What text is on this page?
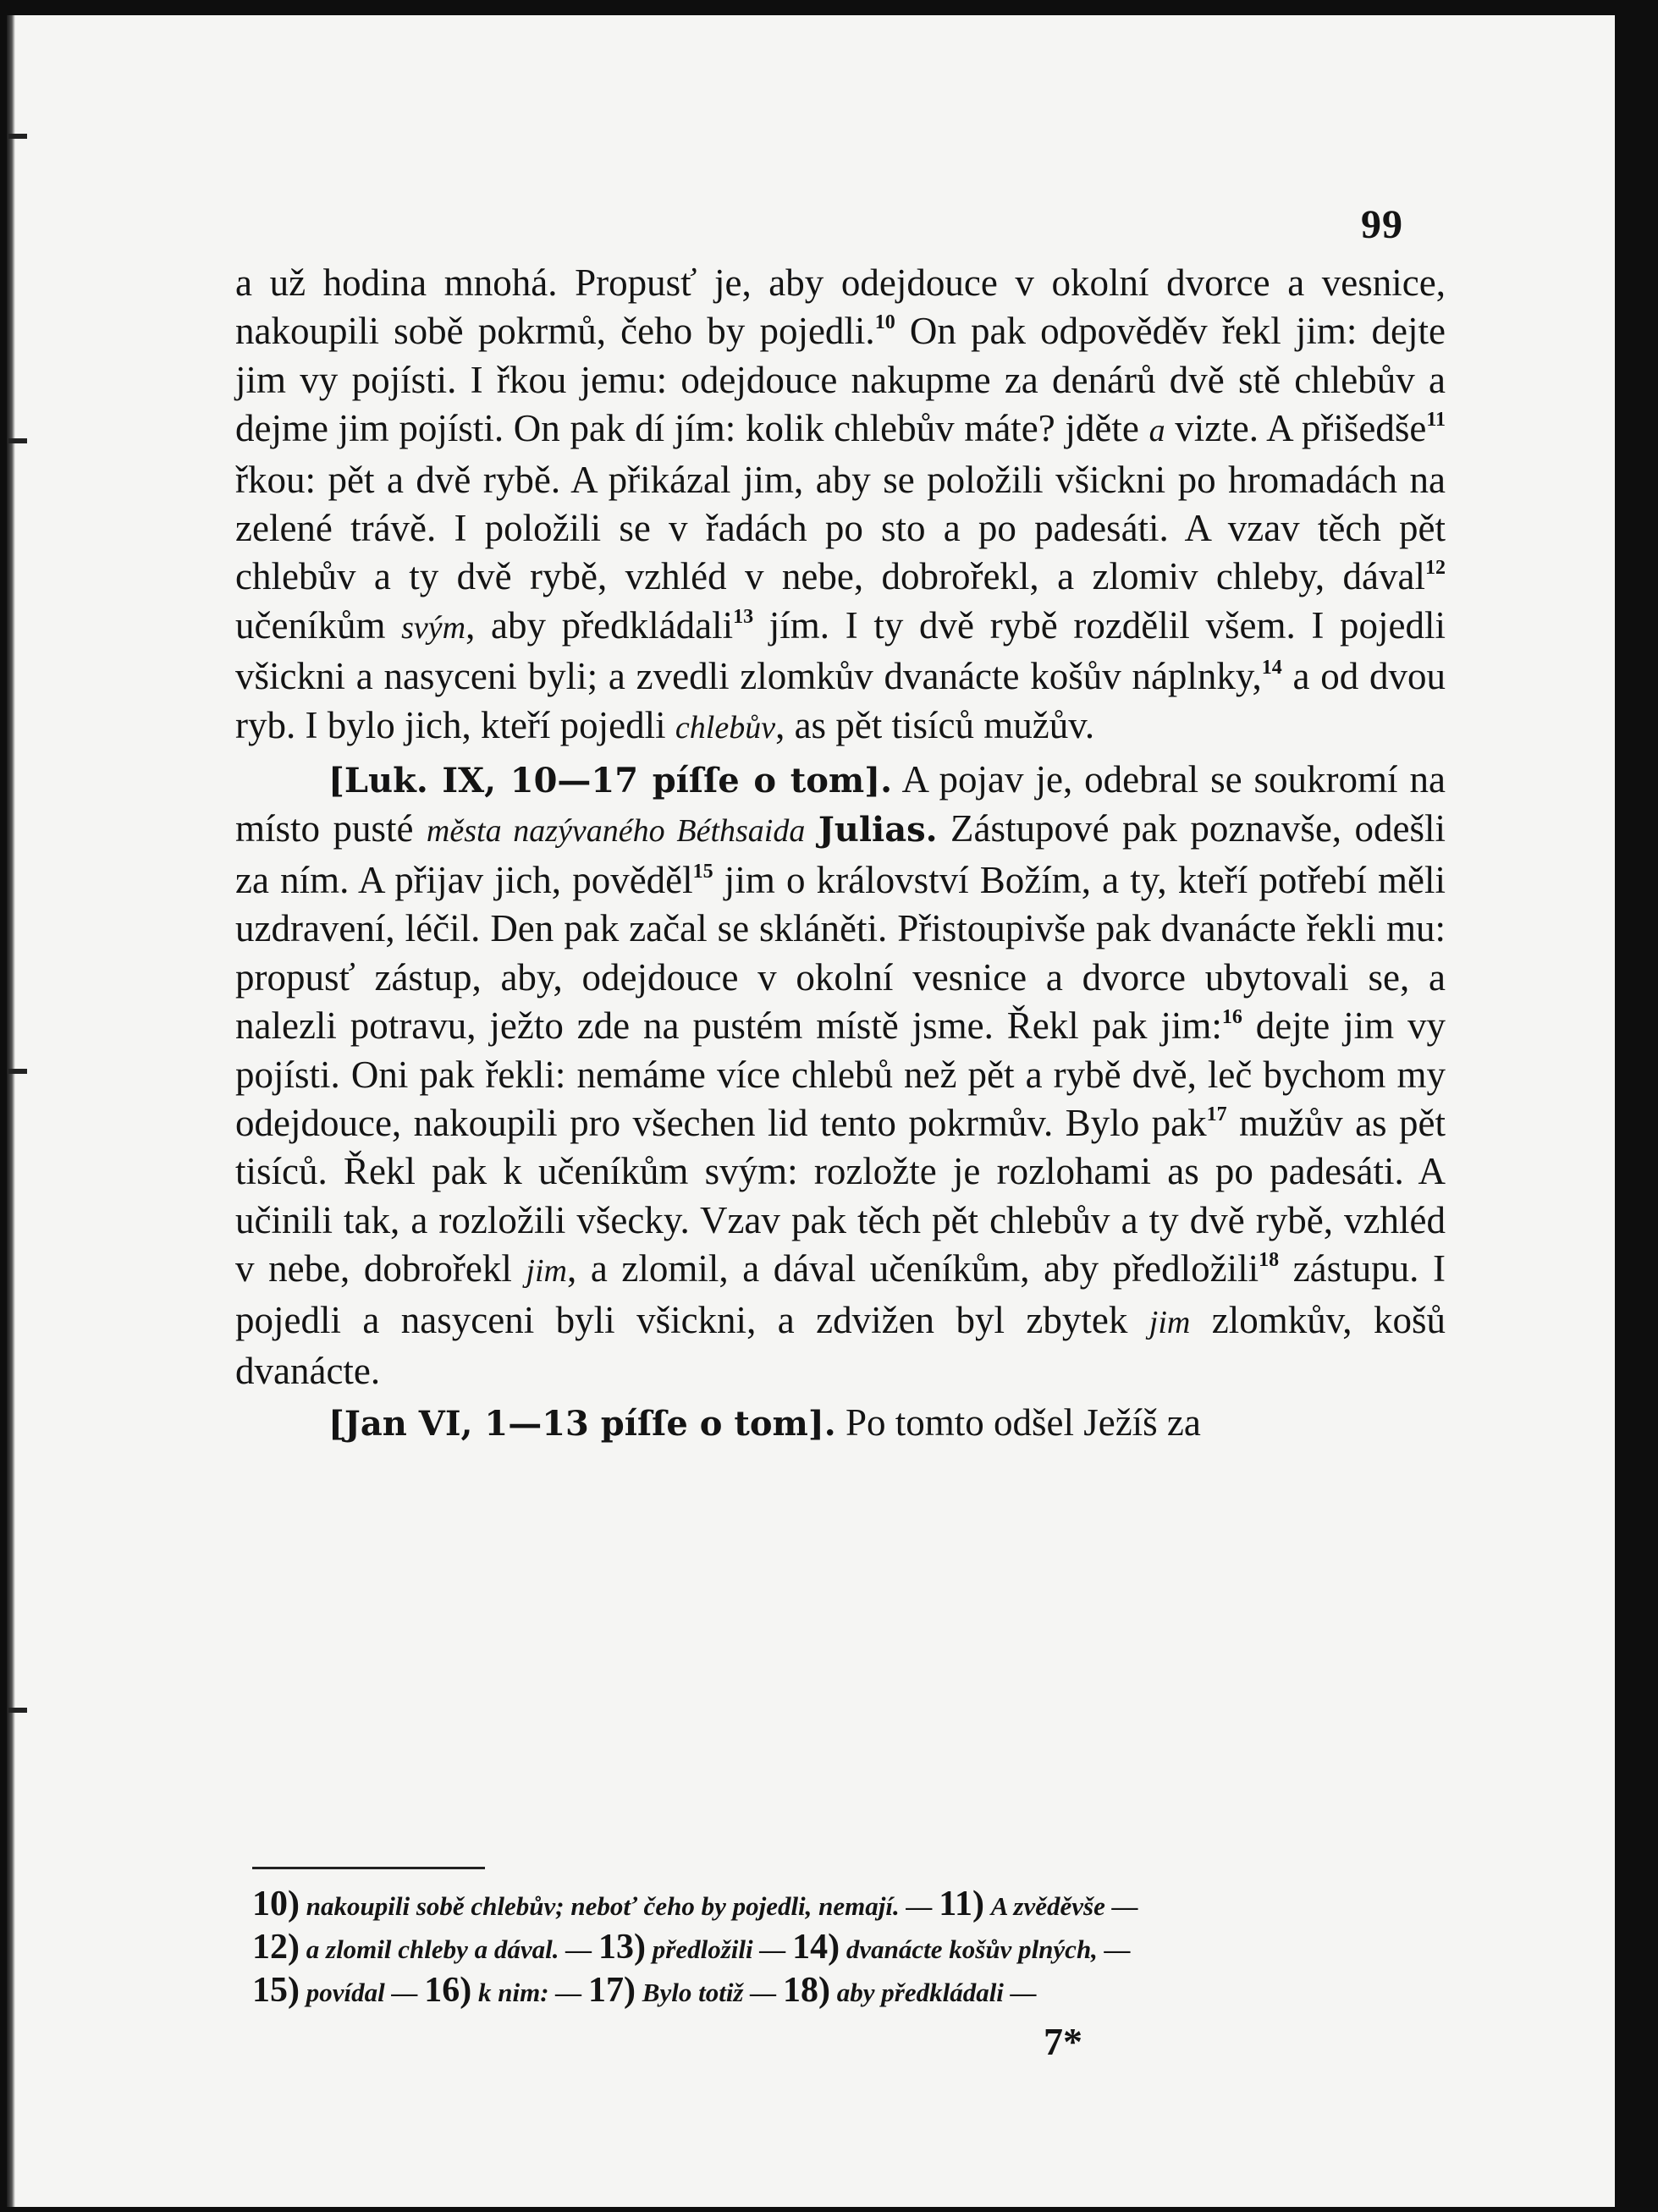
99

a už hodina mnohá. Propusť je, aby odejdouce v okolní dvorce a vesnice, nakoupili sobě pokrmů, čeho by pojedli.$^{10}$ On pak odpověděv řekl jim: dejte jim vy pojísti. I řkou jemu: odejdouce nakupme za denárů dvě stě chlebův a dejme jim pojísti. On pak dí jím: kolik chlebův máte? jděte a vizte. A přišedše$^{11}$ řkou: pět a dvě rybě. A přikázal jim, aby se položili všickni po hromadách na zelené trávě. I položili se v řadách po sto a po padesáti. A vzav těch pět chlebův a ty dvě rybě, vzhléd v nebe, dobrořekl, a zlomiv chleby, dával$^{12}$ učeníkům svým, aby předkládali$^{13}$ jím. I ty dvě rybě rozdělil všem. I pojedli všickni a nasyceni byli; a zvedli zlomkův dvanácte košův náplnky,$^{14}$ a od dvou ryb. I bylo jich, kteří pojedli chlebův, as pět tisíců mužův.

[Luk. IX, 10—17 píſſe o tom]. A pojav je, odebral se soukromí na místo pusté města nazývaného Béthsaida Julias. Zástupové pak poznavše, odešli za ním. A přijav jich, pověděl$^{15}$ jim o království Božím, a ty, kteří potřebí měli uzdravení, léčil. Den pak začal se skláněti. Přistoupivše pak dvanácte řekli mu: propusť zástup, aby, odejdouce v okolní vesnice a dvorce ubytovali se, a nalezli potravu, ježto zde na pustém místě jsme. Řekl pak jim:$^{16}$ dejte jim vy pojísti. Oni pak řekli: nemáme více chlebů než pět a rybě dvě, leč bychom my odejdouce, nakoupili pro všechen lid tento pokrmův. Bylo pak$^{17}$ mužův as pět tisíců. Řekl pak k učeníkům svým: rozložte je rozlohami as po padesáti. A učinili tak, a rozložili všecky. Vzav pak těch pět chlebův a ty dvě rybě, vzhléd v nebe, dobrořekl jim, a zlomil, a dával učeníkům, aby předložili$^{18}$ zástupu. I pojedli a nasyceni byli všickni, a zdvižen byl zbytek jim zlomkův, košů dvanácte.

[Jan VI, 1—13 píſſe o tom]. Po tomto odšel Ježíš za

10) nakoupili sobě chlebův; neboť čeho by pojedli, nemají. — 11) A zvěděvše —
12) a zlomil chleby a dával. — 13) předložili — 14) dvanácte košův plných, —
15) povídal — 16) k nim: — 17) Bylo totiž — 18) aby předkládali —
7*
